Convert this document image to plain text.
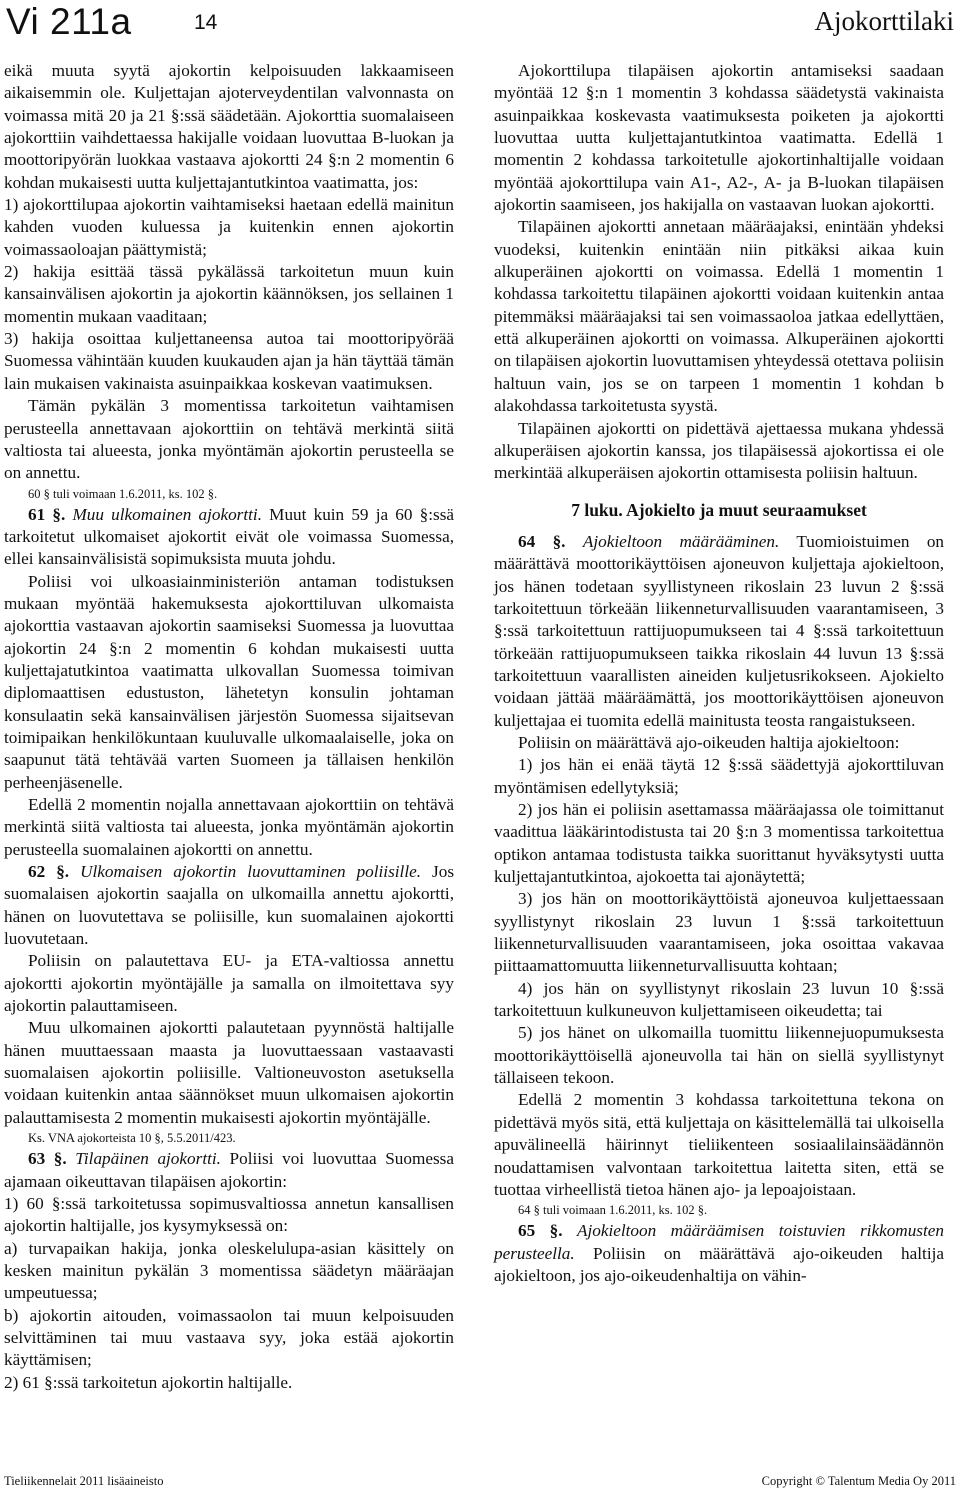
Vi 211a	14	Ajokorttilaki

eikä muuta syytä ajokortin kelpoisuuden lakkaamiseen aikaisemmin ole. Kuljettajan ajoterveydentilan valvonnasta on voimassa mitä 20 ja 21 §:ssä säädetään. Ajokorttia suomalaiseen ajokorttiin vaihdettaessa hakijalle voidaan luovuttaa B-luokan ja moottoripyörän luokkaa vastaava ajokortti 24 §:n 2 momentin 6 kohdan mukaisesti uutta kuljettajantutkintoa vaatimatta, jos:

1) ajokorttilupaa ajokortin vaihtamiseksi haetaan edellä mainitun kahden vuoden kuluessa ja kuitenkin ennen ajokortin voimassaoloajan päättymistä;

2) hakija esittää tässä pykälässä tarkoitetun muun kuin kansainvälisen ajokortin ja ajokortin käännöksen, jos sellainen 1 momentin mukaan vaaditaan;

3) hakija osoittaa kuljettaneensa autoa tai moottoripyörää Suomessa vähintään kuuden kuukauden ajan ja hän täyttää tämän lain mukaisen vakinaista asuinpaikkaa koskevan vaatimuksen.

Tämän pykälän 3 momentissa tarkoitetun vaihtamisen perusteella annettavaan ajokorttiin on tehtävä merkintä siitä valtiosta tai alueesta, jonka myöntämän ajokortin perusteella se on annettu.

60 § tuli voimaan 1.6.2011, ks. 102 §.

61 §. Muu ulkomainen ajokortti. Muut kuin 59 ja 60 §:ssä tarkoitetut ulkomaiset ajokortit eivät ole voimassa Suomessa, ellei kansainvälisistä sopimuksista muuta johdu.

Poliisi voi ulkoasiainministeriön antaman todistuksen mukaan myöntää hakemuksesta ajokorttiluvan ulkomaista ajokorttia vastaavan ajokortin saamiseksi Suomessa ja luovuttaa ajokortin 24 §:n 2 momentin 6 kohdan mukaisesti uutta kuljettajatutkintoa vaatimatta ulkovallan Suomessa toimivan diplomaattisen edustuston, lähetetyn konsulin johtaman konsulaatin sekä kansainvälisen järjestön Suomessa sijaitsevan toimipaikan henkilökuntaan kuuluvalle ulkomaalaiselle, joka on saapunut tätä tehtävää varten Suomeen ja tällaisen henkilön perheenjäsenelle.

Edellä 2 momentin nojalla annettavaan ajokorttiin on tehtävä merkintä siitä valtiosta tai alueesta, jonka myöntämän ajokortin perusteella suomalainen ajokortti on annettu.

62 §. Ulkomaisen ajokortin luovuttaminen poliisille. Jos suomalaisen ajokortin saajalla on ulkomailla annettu ajokortti, hänen on luovutettava se poliisille, kun suomalainen ajokortti luovutetaan.

Poliisin on palautettava EU- ja ETA-valtiossa annettu ajokortti ajokortin myöntäjälle ja samalla on ilmoitettava syy ajokortin palauttamiseen.

Muu ulkomainen ajokortti palautetaan pyynnöstä haltijalle hänen muuttaessaan maasta ja luovuttaessaan vastaavasti suomalaisen ajokortin poliisille. Valtioneuvoston asetuksella voidaan kuitenkin antaa säännökset muun ulkomaisen ajokortin palauttamisesta 2 momentin mukaisesti ajokortin myöntäjälle.

Ks. VNA ajokorteista 10 §, 5.5.2011/423.

63 §. Tilapäinen ajokortti. Poliisi voi luovuttaa Suomessa ajamaan oikeuttavan tilapäisen ajokortin:

1) 60 §:ssä tarkoitetussa sopimusvaltiossa annetun kansallisen ajokortin haltijalle, jos kysymyksessä on:

a) turvapaikan hakija, jonka oleskelulupa-asian käsittely on kesken mainitun pykälän 3 momentissa säädetyn määräajan umpeutuessa;

b) ajokortin aitouden, voimassaolon tai muun kelpoisuuden selvittäminen tai muu vastaava syy, joka estää ajokortin käyttämisen;

2) 61 §:ssä tarkoitetun ajokortin haltijalle.

Ajokorttilupa tilapäisen ajokortin antamiseksi saadaan myöntää 12 §:n 1 momentin 3 kohdassa säädetystä vakinaista asuinpaikkaa koskevasta vaatimuksesta poiketen ja ajokortti luovuttaa uutta kuljettajantutkintoa vaatimatta. Edellä 1 momentin 2 kohdassa tarkoitetulle ajokortinhaltijalle voidaan myöntää ajokorttilupa vain A1-, A2-, A- ja B-luokan tilapäisen ajokortin saamiseen, jos hakijalla on vastaavan luokan ajokortti.

Tilapäinen ajokortti annetaan määräajaksi, enintään yhdeksi vuodeksi, kuitenkin enintään niin pitkäksi aikaa kuin alkuperäinen ajokortti on voimassa. Edellä 1 momentin 1 kohdassa tarkoitettu tilapäinen ajokortti voidaan kuitenkin antaa pitemmäksi määräajaksi tai sen voimassaoloa jatkaa edellyttäen, että alkuperäinen ajokortti on voimassa. Alkuperäinen ajokortti on tilapäisen ajokortin luovuttamisen yhteydessä otettava poliisin haltuun vain, jos se on tarpeen 1 momentin 1 kohdan b alakohdassa tarkoitetusta syystä.

Tilapäinen ajokortti on pidettävä ajettaessa mukana yhdessä alkuperäisen ajokortin kanssa, jos tilapäisessä ajokortissa ei ole merkintää alkuperäisen ajokortin ottamisesta poliisin haltuun.

7 luku. Ajokielto ja muut seuraamukset

64 §. Ajokieltoon määrääminen. Tuomioistuimen on määrättävä moottorikäyttöisen ajoneuvon kuljettaja ajokieltoon, jos hänen todetaan syyllistyneen rikoslain 23 luvun 2 §:ssä tarkoitettuun törkeään liikenneturvallisuuden vaarantamiseen, 3 §:ssä tarkoitettuun rattijuopumukseen tai 4 §:ssä tarkoitettuun törkeään rattijuopumukseen taikka rikoslain 44 luvun 13 §:ssä tarkoitettuun vaarallisten aineiden kuljetusrikokseen. Ajokielto voidaan jättää määräämättä, jos moottorikäyttöisen ajoneuvon kuljettajaa ei tuomita edellä mainitusta teosta rangaistukseen.

Poliisin on määrättävä ajo-oikeuden haltija ajokieltoon:

1) jos hän ei enää täytä 12 §:ssä säädettyjä ajokorttiluvan myöntämisen edellytyksiä;

2) jos hän ei poliisin asettamassa määräajassa ole toimittanut vaadittua lääkärintodistusta tai 20 §:n 3 momentissa tarkoitettua optikon antamaa todistusta taikka suorittanut hyväksytysti uutta kuljettajantutkintoa, ajokoetta tai ajonäytettä;

3) jos hän on moottorikäyttöistä ajoneuvoa kuljettaessaan syyllistynyt rikoslain 23 luvun 1 §:ssä tarkoitettuun liikenneturvallisuuden vaarantamiseen, joka osoittaa vakavaa piittaamattomuutta liikenneturvallisuutta kohtaan;

4) jos hän on syyllistynyt rikoslain 23 luvun 10 §:ssä tarkoitettuun kulkuneuvon kuljettamiseen oikeudetta; tai

5) jos hänet on ulkomailla tuomittu liikennejuopumuksesta moottorikäyttöisellä ajoneuvolla tai hän on siellä syyllistynyt tällaiseen tekoon.

Edellä 2 momentin 3 kohdassa tarkoitettuna tekona on pidettävä myös sitä, että kuljettaja on käsittelemällä tai ulkoisella apuvälineellä häirinnyt tieliikenteen sosiaalilainsäädännön noudattamisen valvontaan tarkoitettua laitetta siten, että se tuottaa virheellistä tietoa hänen ajo- ja lepoajoistaan.

64 § tuli voimaan 1.6.2011, ks. 102 §.

65 §. Ajokieltoon määräämisen toistuvien rikkomusten perusteella. Poliisin on määrättävä ajo-oikeuden haltija ajokieltoon, jos ajo-oikeudenhaltija on vähin-

Tieliikennelait 2011 lisäaineisto	Copyright © Talentum Media Oy 2011
